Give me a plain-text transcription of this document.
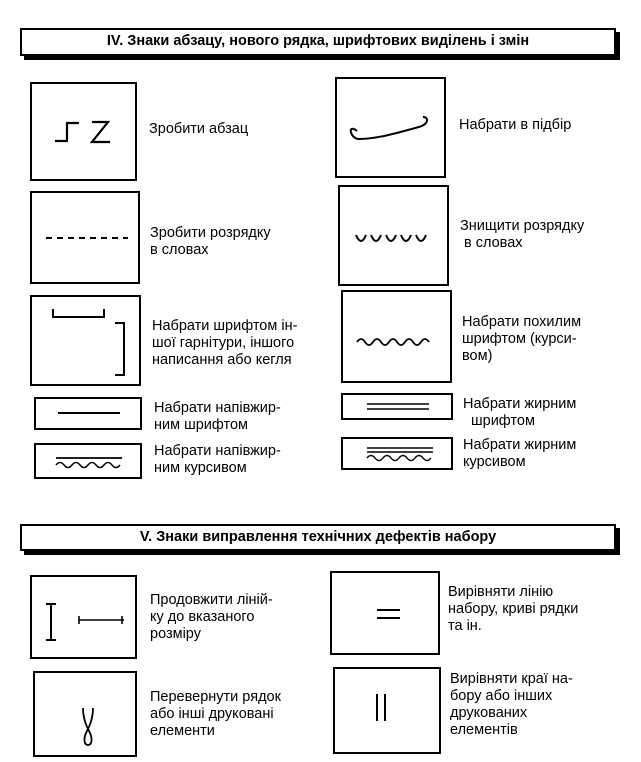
IV. Знаки абзацу, нового рядка, шрифтових виділень і змін
Зробити абзац	Набрати в підбір
Зробити розрядку
в словах
Знищити розрядку
в словах
Набрати шрифтом ін-
шої гарнітури, іншого
написання або кегля
Набрати похилим
шрифтом (курси-
вом)
Набрати напівжир-
ним шрифтом
Набрати жирним
шрифтом
Набрати напівжир-
ним курсивом
Набрати жирним
курсивом
V. Знаки виправлення технічних дефектів набору
Продовжити ліній-
ку до вказаного
розміру
Вирівняти лінію
набору, криві рядки
та ін.
Перевернути рядок
або інші друковані
елементи
Вирівняти краї на-
бору або інших
друкованих
елементів
